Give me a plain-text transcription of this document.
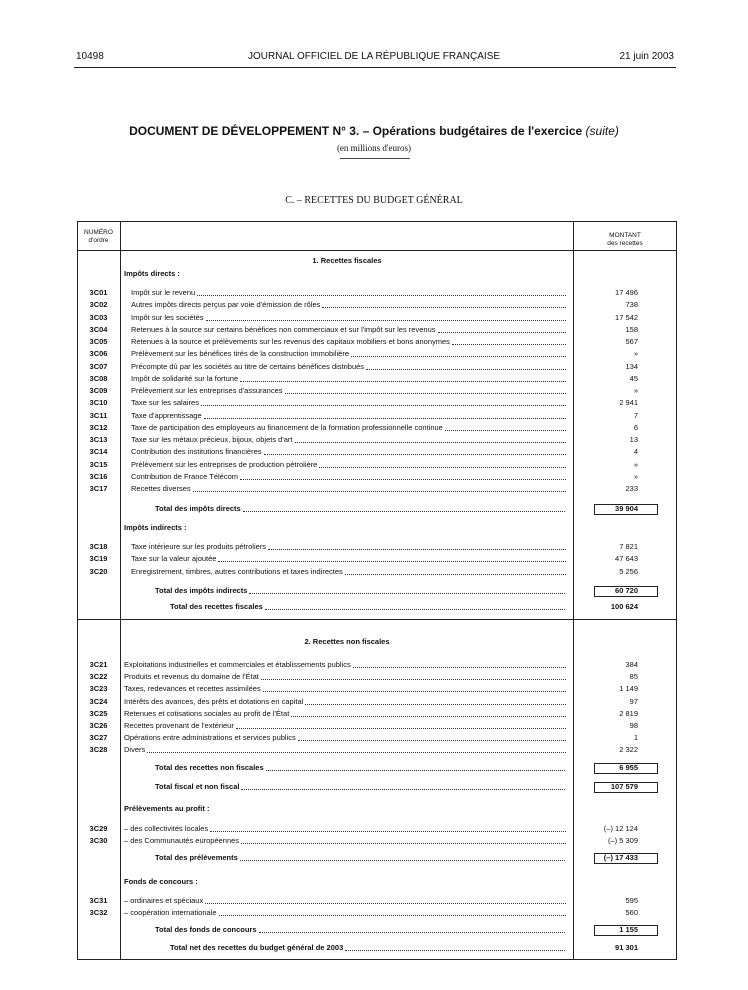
10498	JOURNAL OFFICIEL DE LA RÉPUBLIQUE FRANÇAISE	21 juin 2003
DOCUMENT DE DÉVELOPPEMENT N° 3. – Opérations budgétaires de l'exercice (suite)
(en millions d'euros)
C. – RECETTES DU BUDGET GÉNÉRAL
NUMÉRO
d'ordre
MONTANT
des recettes
1. Recettes fiscales
Impôts directs :
3C01	Impôt sur le revenu	17 496
3C02	Autres impôts directs perçus par voie d'émission de rôles	738
3C03	Impôt sur les sociétés	17 542
3C04	Retenues à la source sur certains bénéfices non commerciaux et sur l'impôt sur les revenus	158
3C05	Retenues à la source et prélèvements sur les revenus des capitaux mobiliers et bons anonymes	567
3C06	Prélèvement sur les bénéfices tirés de la construction immobilière	»
3C07	Précompte dû par les sociétés au titre de certains bénéfices distribués	134
3C08	Impôt de solidarité sur la fortune	45
3C09	Prélèvement sur les entreprises d'assurances	»
3C10	Taxe sur les salaires	2 941
3C11	Taxe d'apprentissage	7
3C12	Taxe de participation des employeurs au financement de la formation professionnelle continue	6
3C13	Taxe sur les métaux précieux, bijoux, objets d'art	13
3C14	Contribution des institutions financières	4
3C15	Prélèvement sur les entreprises de production pétrolière	»
3C16	Contribution de France Télécom	»
3C17	Recettes diverses	233
Total des impôts directs	39 904
Impôts indirects :
3C18	Taxe intérieure sur les produits pétroliers	7 821
3C19	Taxe sur la valeur ajoutée	47 643
3C20	Enregistrement, timbres, autres contributions et taxes indirectes	5 256
Total des impôts indirects	60 720
Total des recettes fiscales	100 624
2. Recettes non fiscales
3C21	Exploitations industrielles et commerciales et établissements publics	384
3C22	Produits et revenus du domaine de l'État	85
3C23	Taxes, redevances et recettes assimilées	1 149
3C24	Intérêts des avances, des prêts et dotations en capital	97
3C25	Retenues et cotisations sociales au profit de l'État	2 819
3C26	Recettes provenant de l'extérieur	98
3C27	Opérations entre administrations et services publics	1
3C28	Divers	2 322
Total des recettes non fiscales	6 955
Total fiscal et non fiscal	107 579
Prélèvements au profit :
3C29	– des collectivités locales	(–) 12 124
3C30	– des Communautés européennes	(–) 5 309
Total des prélèvements	(–) 17 433
Fonds de concours :
3C31	– ordinaires et spéciaux	595
3C32	– coopération internationale	560
Total des fonds de concours	1 155
Total net des recettes du budget général de 2003	91 301
